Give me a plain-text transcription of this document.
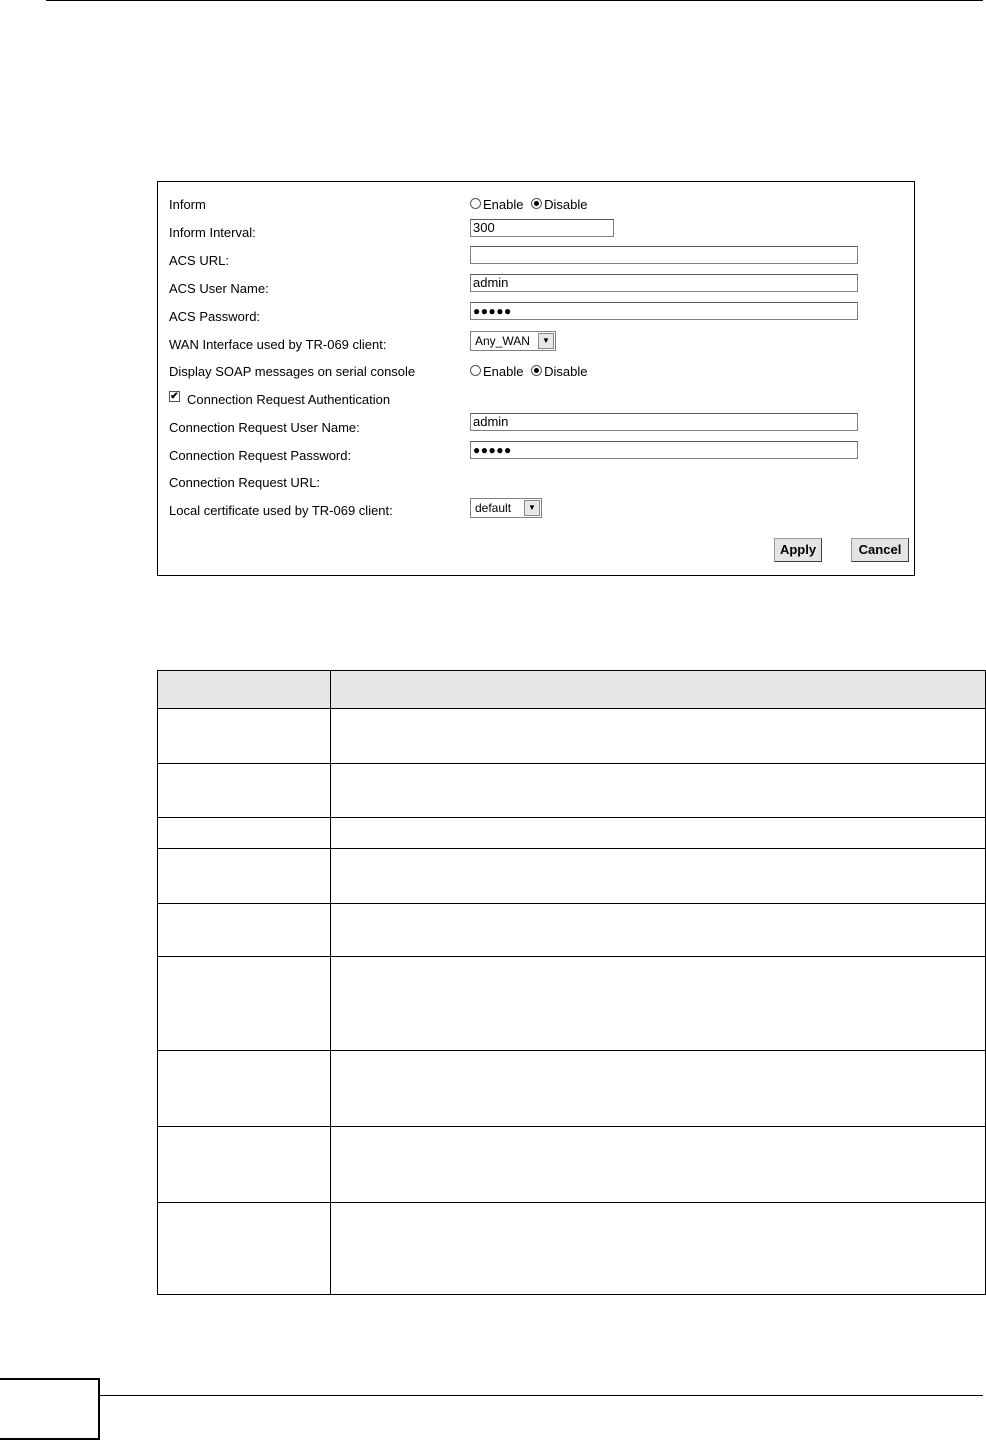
Inform	Enable Disable
Inform Interval:	300
ACS URL:
ACS User Name:	admin
ACS Password:	●●●●●
WAN Interface used by TR-069 client:	Any_WAN	▼
Display SOAP messages on serial console	Enable Disable
✔ Connection Request Authentication
Connection Request User Name:	admin
Connection Request Password:	●●●●●
Connection Request URL:
Local certificate used by TR-069 client:	default	▼
Apply	Cancel
